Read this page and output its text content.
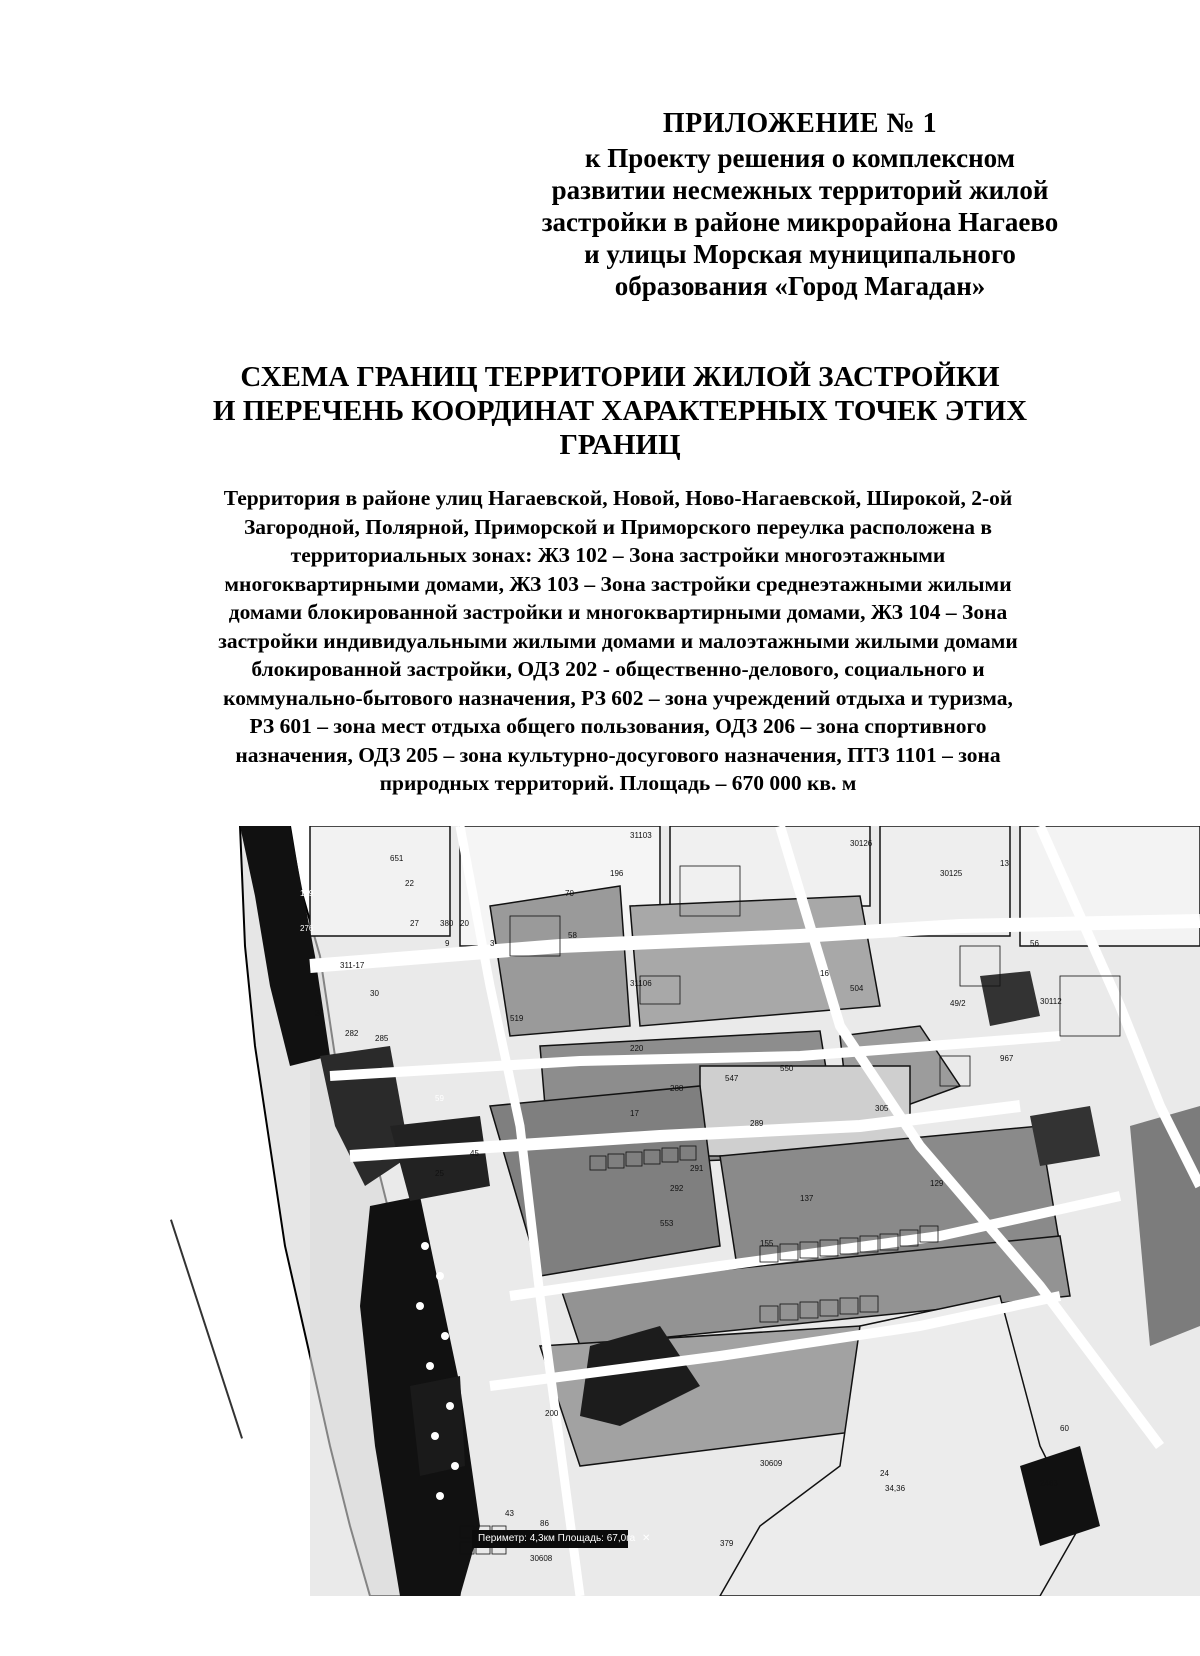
ПРИЛОЖЕНИЕ № 1
к Проекту решения о комплексном
развитии несмежных территорий жилой
застройки в районе микрорайона Нагаево
и улицы Морская муниципального
образования «Город Магадан»
СХЕМА ГРАНИЦ ТЕРРИТОРИИ ЖИЛОЙ ЗАСТРОЙКИ
И ПЕРЕЧЕНЬ КООРДИНАТ ХАРАКТЕРНЫХ ТОЧЕК ЭТИХ
ГРАНИЦ
Территория в районе улиц Нагаевской, Новой, Ново-Нагаевской, Широкой, 2-ой
Загородной, Полярной, Приморской и Приморского переулка расположена в
территориальных зонах: ЖЗ 102 – Зона застройки многоэтажными
многоквартирными домами, ЖЗ 103 – Зона застройки среднеэтажными жилыми
домами блокированной застройки и многоквартирными домами, ЖЗ 104 – Зона
застройки индивидуальными жилыми домами и малоэтажными жилыми домами
блокированной застройки, ОДЗ 202 - общественно-делового, социального и
коммунально-бытового назначения, РЗ 602 – зона учреждений отдыха и туризма,
РЗ 601 – зона мест отдыха общего пользования, ОДЗ 206 – зона спортивного
назначения, ОДЗ 205 – зона культурно-досугового назначения, ПТЗ 1101 – зона
природных территорий. Площадь – 670 000 кв. м
31103
651
22
196
70
58
159
276
27	380
9	3
311-17
30
36
282
285
31106
519
220
288
547
550
305
289
17
59
25
45
291
292
553
137
129
155
30126
30125
56
30112
49/2
967
30609
2463
60
24
20
13
86
43
16
504
200
34,36
30608
379
Периметр: 4,3км Площадь: 67,0га ✕
